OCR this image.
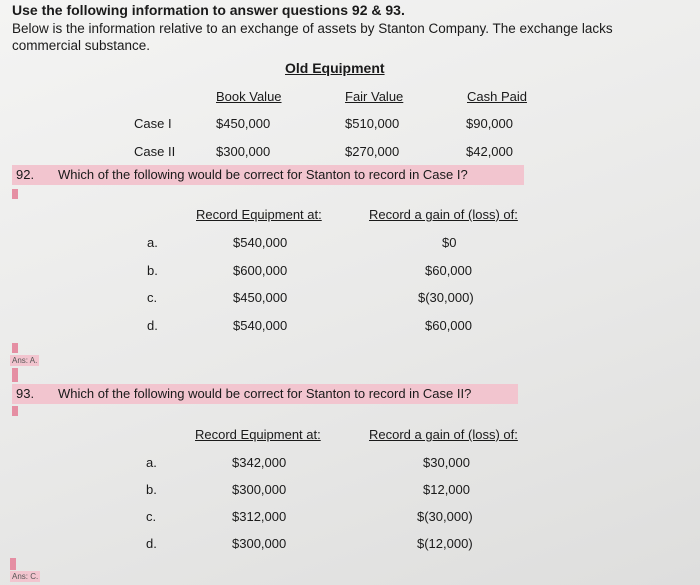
Use the following information to answer questions 92 & 93.
Below is the information relative to an exchange of assets by Stanton Company. The exchange lacks
commercial substance.
Old Equipment
Book Value	Fair Value	Cash Paid
Case I	$450,000	$510,000	$90,000
Case II	$300,000	$270,000	$42,000
92. Which of the following would be correct for Stanton to record in Case I?
Record Equipment at:	Record a gain of (loss) of:
a.	$540,000	$0
b.	$600,000	$60,000
c.	$450,000	$(30,000)
d.	$540,000	$60,000
Ans: A.
93. Which of the following would be correct for Stanton to record in Case II?
Record Equipment at:	Record a gain of (loss) of:
a.	$342,000	$30,000
b.	$300,000	$12,000
c.	$312,000	$(30,000)
d.	$300,000	$(12,000)
Ans: C.
